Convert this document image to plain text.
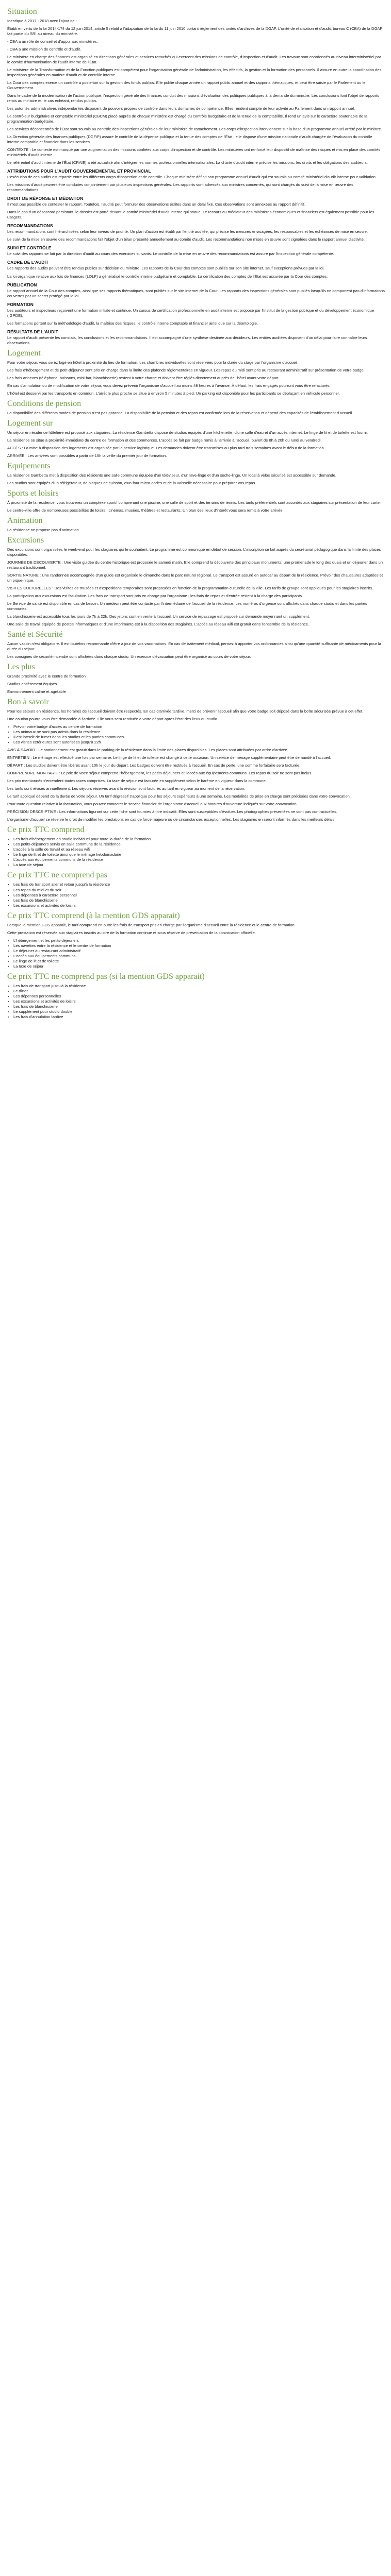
Situation

Identique à 2017 - 2018 avec l'ajout de :

Établi en vertu de la loi 2014-174 du 12 juin 2014, article 5 relatif à l'adaptation de la loi du 11 juin 2010 portant règlement des unités d'archives de la DGAF. L'unité de réalisation et d'audit, bureau C (CBA) de la DGAF fait partie du SRI au niveau du ministère.

- CBA a un rôle de conseil et d'appui aux ministères.

- CBA a une mission de contrôle et d'audit.

Le ministère en charge des finances est organisé en directions générales et services rattachés qui exercent des missions de contrôle, d'inspection et d'audit. Les travaux sont coordonnés au niveau interministériel par le comité d'harmonisation de l'audit interne de l'État.

Le ministère de la Transformation et de la Fonction publiques est compétent pour l'organisation générale de l'administration, les effectifs, la gestion et la formation des personnels. Il assure en outre la coordination des inspections générales en matière d'audit et de contrôle interne.

La Cour des comptes exerce un contrôle a posteriori sur la gestion des fonds publics. Elle publie chaque année un rapport public annuel et des rapports thématiques, et peut être saisie par le Parlement ou le Gouvernement.

Dans le cadre de la modernisation de l'action publique, l'inspection générale des finances conduit des missions d'évaluation des politiques publiques à la demande du ministre. Les conclusions font l'objet de rapports remis au ministre et, le cas échéant, rendus publics.

Les autorités administratives indépendantes disposent de pouvoirs propres de contrôle dans leurs domaines de compétence. Elles rendent compte de leur activité au Parlement dans un rapport annuel.

Le contrôleur budgétaire et comptable ministériel (CBCM) placé auprès de chaque ministère est chargé du contrôle budgétaire et de la tenue de la comptabilité. Il rend un avis sur le caractère soutenable de la programmation budgétaire.

Les services déconcentrés de l'État sont soumis au contrôle des inspections générales de leur ministère de rattachement. Les corps d'inspection interviennent sur la base d'un programme annuel arrêté par le ministre.

La Direction générale des finances publiques (DGFiP) assure le contrôle de la dépense publique et la tenue des comptes de l'État ; elle dispose d'une mission nationale d'audit chargée de l'évaluation du contrôle interne comptable et financier dans les services.

CONTEXTE : Le contexte est marqué par une augmentation des missions confiées aux corps d'inspection et de contrôle. Les ministères ont renforcé leur dispositif de maîtrise des risques et mis en place des comités ministériels d'audit interne.

Le référentiel d'audit interne de l'État (CRAIE) a été actualisé afin d'intégrer les normes professionnelles internationales. La charte d'audit interne précise les missions, les droits et les obligations des auditeurs.

ATTRIBUTIONS POUR L'AUDIT GOUVERNEMENTAL ET PROVINCIAL

L'exécution de ces audits est répartie entre les différents corps d'inspection et de contrôle. Chaque ministère définit son programme annuel d'audit qui est soumis au comité ministériel d'audit interne pour validation.

Les missions d'audit peuvent être conduites conjointement par plusieurs inspections générales. Les rapports sont adressés aux ministres concernés, qui sont chargés du suivi de la mise en œuvre des recommandations.

DROIT DE RÉPONSE ET MÉDIATION

Il n'est pas possible de contester le rapport. Toutefois, l'audité peut formuler des observations écrites dans un délai fixé. Ces observations sont annexées au rapport définitif.

Dans le cas d'un désaccord persistant, le dossier est porté devant le comité ministériel d'audit interne qui statue. Le recours au médiateur des ministères économiques et financiers est également possible pour les usagers.

RECOMMANDATIONS

Les recommandations sont hiérarchisées selon leur niveau de priorité. Un plan d'action est établi par l'entité auditée, qui précise les mesures envisagées, les responsables et les échéances de mise en œuvre.

Le suivi de la mise en œuvre des recommandations fait l'objet d'un bilan présenté annuellement au comité d'audit. Les recommandations non mises en œuvre sont signalées dans le rapport annuel d'activité.

SUIVI ET CONTRÔLE

Le suivi des rapports se fait par la direction d'audit au cours des exercices suivants. Le contrôle de la mise en œuvre des recommandations est assuré par l'inspection générale compétente.

CADRE DE L'AUDIT

Les rapports des audits peuvent être rendus publics sur décision du ministre. Les rapports de la Cour des comptes sont publiés sur son site internet, sauf exceptions prévues par la loi.

La loi organique relative aux lois de finances (LOLF) a généralisé le contrôle interne budgétaire et comptable. La certification des comptes de l'État est assurée par la Cour des comptes.

PUBLICATION

Le rapport annuel de la Cour des comptes, ainsi que ses rapports thématiques, sont publiés sur le site internet de la Cour. Les rapports des inspections générales sont publiés lorsqu'ils ne comportent pas d'informations couvertes par un secret protégé par la loi.

FORMATION

Les auditeurs et inspecteurs reçoivent une formation initiale et continue. Un cursus de certification professionnelle en audit interne est proposé par l'institut de la gestion publique et du développement économique (IGPDE).

Les formations portent sur la méthodologie d'audit, la maîtrise des risques, le contrôle interne comptable et financier ainsi que sur la déontologie.

RÉSULTATS DE L'AUDIT

Le rapport d'audit présente les constats, les conclusions et les recommandations. Il est accompagné d'une synthèse destinée aux décideurs. Les entités auditées disposent d'un délai pour faire connaître leurs observations.

Logement

Pour votre séjour, vous serez logé en hôtel à proximité du lieu de formation. Les chambres individuelles sont réservées pour la durée du stage par l'organisme d'accueil.

Les frais d'hébergement et de petit-déjeuner sont pris en charge dans la limite des plafonds réglementaires en vigueur. Les repas du midi sont pris au restaurant administratif sur présentation de votre badge.

Les frais annexes (téléphone, boissons, mini-bar, blanchisserie) restent à votre charge et doivent être réglés directement auprès de l'hôtel avant votre départ.

En cas d'annulation ou de modification de votre séjour, vous devez prévenir l'organisme d'accueil au moins 48 heures à l'avance. À défaut, les frais engagés pourront vous être refacturés.

L'hôtel est desservi par les transports en commun. L'arrêt le plus proche se situe à environ 5 minutes à pied. Un parking est disponible pour les participants se déplaçant en véhicule personnel.

Conditions de pension

La disponibilité des différents modes de pension n'est pas garantie. La disponibilité de la pension et des repas est confirmée lors de la réservation et dépend des capacités de l'établissement d'accueil.

Logement sur

Un séjour en résidence hôtelière est proposé aux stagiaires. La résidence Gambetta dispose de studios équipés d'une kitchenette, d'une salle d'eau et d'un accès internet. Le linge de lit et de toilette est fourni.

La résidence se situe à proximité immédiate du centre de formation et des commerces. L'accès se fait par badge remis à l'arrivée à l'accueil, ouvert de 8h à 20h du lundi au vendredi.

ACCÈS : La mise à disposition des logements est organisée par le service logistique. Les demandes doivent être transmises au plus tard trois semaines avant le début de la formation.

ARRIVÉE : Les arrivées sont possibles à partir de 15h la veille du premier jour de formation.

Equipements

La résidence Gambetta met à disposition des résidents une salle commune équipée d'un téléviseur, d'un lave-linge et d'un sèche-linge. Un local à vélos sécurisé est accessible sur demande.

Les studios sont équipés d'un réfrigérateur, de plaques de cuisson, d'un four micro-ondes et de la vaisselle nécessaire pour préparer vos repas.

Sports et loisirs

À proximité de la résidence, vous trouverez un complexe sportif comprenant une piscine, une salle de sport et des terrains de tennis. Les tarifs préférentiels sont accordés aux stagiaires sur présentation de leur carte.

Le centre-ville offre de nombreuses possibilités de loisirs : cinémas, musées, théâtres et restaurants. Un plan des lieux d'intérêt vous sera remis à votre arrivée.

Animation

La résidence ne propose pas d'animation.

Excursions

Des excursions sont organisées le week-end pour les stagiaires qui le souhaitent. Le programme est communiqué en début de session. L'inscription se fait auprès du secrétariat pédagogique dans la limite des places disponibles.

JOURNÉE DE DÉCOUVERTE : Une visite guidée du centre historique est proposée le samedi matin. Elle comprend la découverte des principaux monuments, une promenade le long des quais et un déjeuner dans un restaurant traditionnel.

SORTIE NATURE : Une randonnée accompagnée d'un guide est organisée le dimanche dans le parc naturel régional. Le transport est assuré en autocar au départ de la résidence. Prévoir des chaussures adaptées et un pique-nique.

VISITES CULTURELLES : Des visites de musées et d'expositions temporaires sont proposées en fonction de la programmation culturelle de la ville. Les tarifs de groupe sont appliqués pour les stagiaires inscrits.

La participation aux excursions est facultative. Les frais de transport sont pris en charge par l'organisme ; les frais de repas et d'entrée restent à la charge des participants.

Le Service de santé est disponible en cas de besoin. Un médecin peut être contacté par l'intermédiaire de l'accueil de la résidence. Les numéros d'urgence sont affichés dans chaque studio et dans les parties communes.

La blanchisserie est accessible tous les jours de 7h à 22h. Des jetons sont en vente à l'accueil. Un service de repassage est proposé sur demande moyennant un supplément.

Une salle de travail équipée de postes informatiques et d'une imprimante est à la disposition des stagiaires. L'accès au réseau wifi est gratuit dans l'ensemble de la résidence.

Santé et Sécurité

Aucun vaccin n'est obligatoire. Il est toutefois recommandé d'être à jour de vos vaccinations. En cas de traitement médical, pensez à apporter vos ordonnances ainsi qu'une quantité suffisante de médicaments pour la durée du séjour.

Les consignes de sécurité incendie sont affichées dans chaque studio. Un exercice d'évacuation peut être organisé au cours de votre séjour.

Les plus

Grande proximité avec le centre de formation

Studios entièrement équipés

Environnement calme et agréable

Bon à savoir

Pour les séjours en résidence, les horaires de l'accueil doivent être respectés. En cas d'arrivée tardive, merci de prévenir l'accueil afin que votre badge soit déposé dans la boîte sécurisée prévue à cet effet.

Une caution pourra vous être demandée à l'arrivée. Elle vous sera restituée à votre départ après l'état des lieux du studio.

• Prévoir votre badge d'accès au centre de formation
• Les animaux ne sont pas admis dans la résidence
• Il est interdit de fumer dans les studios et les parties communes
• Les visites extérieures sont autorisées jusqu'à 22h

AVIS À SAVOIR : Le stationnement est gratuit dans le parking de la résidence dans la limite des places disponibles. Les places sont attribuées par ordre d'arrivée.

ENTRETIEN : Le ménage est effectué une fois par semaine. Le linge de lit et de toilette est changé à cette occasion. Un service de ménage supplémentaire peut être demandé à l'accueil.

DÉPART : Les studios doivent être libérés avant 10h le jour du départ. Les badges doivent être restitués à l'accueil. En cas de perte, une somme forfaitaire sera facturée.

COMPRENDRE MON TARIF : Le prix de votre séjour comprend l'hébergement, les petits-déjeuners et l'accès aux équipements communs. Les repas du soir ne sont pas inclus.

Les prix mentionnés s'entendent toutes taxes comprises. La taxe de séjour est facturée en supplément selon le barème en vigueur dans la commune.

Les tarifs sont révisés annuellement. Les séjours réservés avant la révision sont facturés au tarif en vigueur au moment de la réservation.

Le tarif appliqué dépend de la durée de votre séjour. Un tarif dégressif s'applique pour les séjours supérieurs à une semaine. Les modalités de prise en charge sont précisées dans votre convocation.

Pour toute question relative à la facturation, vous pouvez contacter le service financier de l'organisme d'accueil aux horaires d'ouverture indiqués sur votre convocation.

PRÉCISION DESCRIPTIVE : Les informations figurant sur cette fiche sont fournies à titre indicatif. Elles sont susceptibles d'évoluer. Les photographies présentées ne sont pas contractuelles.

L'organisme d'accueil se réserve le droit de modifier les prestations en cas de force majeure ou de circonstances exceptionnelles. Les stagiaires en seront informés dans les meilleurs délais.

Ce prix TTC comprend
• Les frais d'hébergement en studio individuel pour toute la durée de la formation
• Les petits-déjeuners servis en salle commune de la résidence
• L'accès à la salle de travail et au réseau wifi
• Le linge de lit et de toilette ainsi que le ménage hebdomadaire
• L'accès aux équipements communs de la résidence
• La taxe de séjour
Ce prix TTC ne comprend pas
• Les frais de transport aller et retour jusqu'à la résidence
• Les repas du midi et du soir
• Les dépenses à caractère personnel
• Les frais de blanchisserie
• Les excursions et activités de loisirs
Ce prix TTC comprend (à la mention GDS apparait)

Lorsque la mention GDS apparaît, le tarif comprend en outre les frais de transport pris en charge par l'organisme d'accueil entre la résidence et le centre de formation.

Cette prestation est réservée aux stagiaires inscrits au titre de la formation continue et sous réserve de présentation de la convocation officielle.

• L'hébergement et les petits-déjeuners
• Les navettes entre la résidence et le centre de formation
• Le déjeuner au restaurant administratif
• L'accès aux équipements communs
• Le linge de lit et de toilette
• La taxe de séjour
Ce prix TTC ne comprend pas (si la mention GDS apparait)
• Les frais de transport jusqu'à la résidence
• Le dîner
• Les dépenses personnelles
• Les excursions et activités de loisirs
• Les frais de blanchisserie
• Le supplément pour studio double
• Les frais d'annulation tardive
